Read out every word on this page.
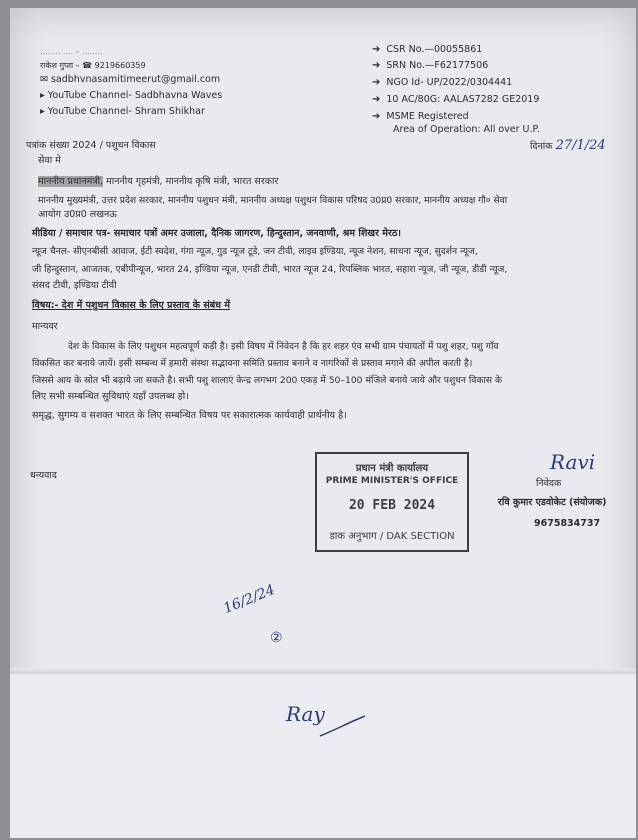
........ .... – ........
राकेश गुप्ता – ☎ 9219660359
✉ sadbhvnasamitimeerut@gmail.com
▸ YouTube Channel- Sadbhavna Waves
▸ YouTube Channel- Shram Shikhar
➔ CSR No.—00055861
➔ SRN No.—F62177506
➔ NGO Id- UP/2022/0304441
➔ 10 AC/80G: AALAS7282 GE2019
➔ MSME Registered
Area of Operation: All over U.P.
पत्रांक संख्या 2024 / पशुधन विकास	दिनांक 27/1/24
सेवा मे
माननीय प्रधानमंत्री, माननीय गृहमंत्री, माननीय कृषि मंत्री, भारत सरकार
माननीय मुख्यमंत्री, उत्तर प्रदेश सरकार, माननीय पशुधन मंत्री, माननीय अध्यक्ष पशुधन विकास परिषद उ0प्र0 सरकार, माननीय अध्यक्ष गौ० सेवा
आयोग उ0प्र0 लखनऊ
मीडिया / समाचार पत्र- समाचार पत्रों अमर उजाला, दैनिक जागरण, हिन्दुस्तान, जनवाणी, श्रम शिखर मेरठ।
न्यूज चैनल- सीएनबीसी आवाज, ईटी स्वदेश, गंगा न्यूज, गुड न्यूज टूडे, जन टीवी, लाइव इण्डिया, न्यूज नेशन, साधना न्यूज, सुदर्शन न्यूज,
जी हिन्दुस्तान, आजतक, एबीपीन्यूज, भारत 24, इण्डिया न्यूज, एनडी टीवी, भारत न्यूज 24, रिपब्लिक भारत, सहारा न्यूज, जी न्यूज, डीडी न्यूज,
संसद टीवी, इण्डिया टीवी
विषय:- देश में पशुधन विकास के लिए प्रस्ताव के संबंध में
मान्यवर
देश के विकास के लिए पशुधन महत्वपूर्ण कड़ी है। इसी विषय में निवेदन है कि हर शहर एंव सभी ग्राम पंचायतों में पशु शहर, पशु गाँव
विकसित कर बनाये जायें। इसी सम्बन्ध में हमारी संस्था सद्भावना समिति प्रस्ताव बनाने व नागरिकों से प्रस्ताव मगाने की अपील करती है।
जिससे आय के स्रोत भी बढ़ाये जा सकते है। सभी पशु शालाएं केन्द्र लगभग 200 एकड़ में 50–100 मंजिले बनाये जाये और पशुधन विकास के
लिए सभी सम्बन्धित सुविधाएं यहाँ उपलब्ध हो।
समृद्ध, सुगम्य व सशक्त भारत के लिए सम्बन्धित विषय पर सकारात्मक कार्यवाही प्रार्थनीय है।
धन्यवाद
प्रधान मंत्री कार्यालय
PRIME MINISTER'S OFFICE
20 FEB 2024
डाक अनुभाग / DAK SECTION
Ravi
निवेदक
रवि कुमार एडवोकेट (संयोजक)
9675834737
16/2/24
②
Ray
